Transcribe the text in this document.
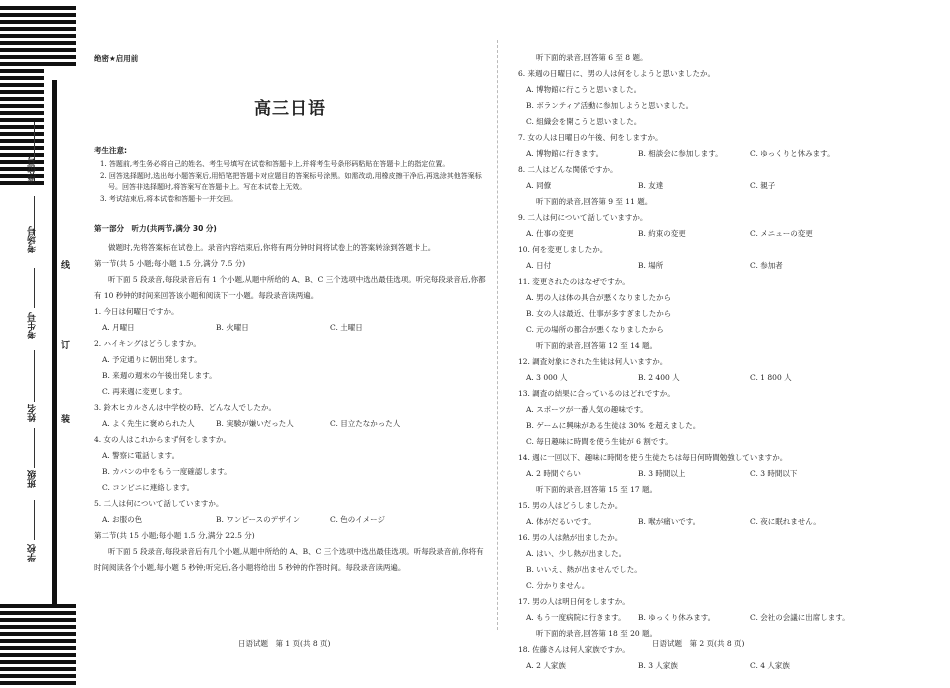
座位号
考场号
考生号
姓名
班级
学校
线
订
装
绝密★启用前
高三日语
考生注意:
1. 答题前,考生务必将自己的姓名、考生号填写在试卷和答题卡上,并将考生号条形码粘贴在答题卡上的指定位置。
2. 回答选择题时,选出每小题答案后,用铅笔把答题卡对应题目的答案标号涂黑。如需改动,用橡皮擦干净后,再选涂其他答案标号。回答非选择题时,将答案写在答题卡上。写在本试卷上无效。
3. 考试结束后,将本试卷和答题卡一并交回。
第一部分　听力(共两节,满分 30 分)
做题时,先将答案标在试卷上。录音内容结束后,你将有两分钟时间将试卷上的答案转涂到答题卡上。
第一节(共 5 小题;每小题 1.5 分,满分 7.5 分)
听下面 5 段录音,每段录音后有 1 个小题,从题中所给的 A、B、C 三个选项中选出最佳选项。听完每段录音后,你都有 10 秒钟的时间来回答该小题和阅读下一小题。每段录音读两遍。
1. 今日は何曜日ですか。
A. 月曜日	B. 火曜日	C. 土曜日
2. ハイキングはどうしますか。
A. 予定通りに朝出発します。
B. 来週の週末の午後出発します。
C. 再来週に変更します。
3. 鈴木ヒカルさんは中学校の時、どんな人でしたか。
A. よく先生に褒められた人	B. 実験が嫌いだった人	C. 目立たなかった人
4. 女の人はこれからまず何をしますか。
A. 警察に電話します。
B. カバンの中をもう一度確認します。
C. コンビニに連絡します。
5. 二人は何について話していますか。
A. お服の色	B. ワンピースのデザイン	C. 色のイメージ
第二节(共 15 小题;每小题 1.5 分,满分 22.5 分)
听下面 5 段录音,每段录音后有几个小题,从题中所给的 A、B、C 三个选项中选出最佳选项。听每段录音前,你将有时间阅读各个小题,每小题 5 秒钟;听完后,各小题将给出 5 秒钟的作答时间。每段录音读两遍。
听下面的录音,回答第 6 至 8 题。
6. 来週の日曜日に、男の人は何をしようと思いましたか。
A. 博物館に行こうと思いました。
B. ボランティア活動に参加しようと思いました。
C. 組織会を開こうと思いました。
7. 女の人は日曜日の午後、何をしますか。
A. 博物館に行きます。	B. 相談会に参加します。	C. ゆっくりと休みます。
8. 二人はどんな関係ですか。
A. 同僚	B. 友達	C. 親子
听下面的录音,回答第 9 至 11 题。
9. 二人は何について話していますか。
A. 仕事の変更	B. 約束の変更	C. メニューの変更
10. 何を変更しましたか。
A. 日付	B. 場所	C. 参加者
11. 変更されたのはなぜですか。
A. 男の人は体の具合が悪くなりましたから
B. 女の人は最近、仕事が多すぎましたから
C. 元の場所の都合が悪くなりましたから
听下面的录音,回答第 12 至 14 题。
12. 調査対象にされた生徒は何人いますか。
A. 3 000 人	B. 2 400 人	C. 1 800 人
13. 調査の結果に合っているのはどれですか。
A. スポーツが一番人気の趣味です。
B. ゲームに興味がある生徒は 30% を超えました。
C. 毎日趣味に時間を使う生徒が 6 割です。
14. 週に一回以下、趣味に時間を使う生徒たちは毎日何時間勉強していますか。
A. 2 時間ぐらい	B. 3 時間以上	C. 3 時間以下
听下面的录音,回答第 15 至 17 题。
15. 男の人はどうしましたか。
A. 体がだるいです。	B. 喉が痛いです。	C. 夜に眠れません。
16. 男の人は熱が出ましたか。
A. はい、少し熱が出ました。
B. いいえ、熱が出ませんでした。
C. 分かりません。
17. 男の人は明日何をしますか。
A. もう一度病院に行きます。	B. ゆっくり休みます。	C. 会社の会議に出席します。
听下面的录音,回答第 18 至 20 题。
18. 佐藤さんは何人家族ですか。
A. 2 人家族	B. 3 人家族	C. 4 人家族
日语试题　第 1 页(共 8 页)	日语试题　第 2 页(共 8 页)
